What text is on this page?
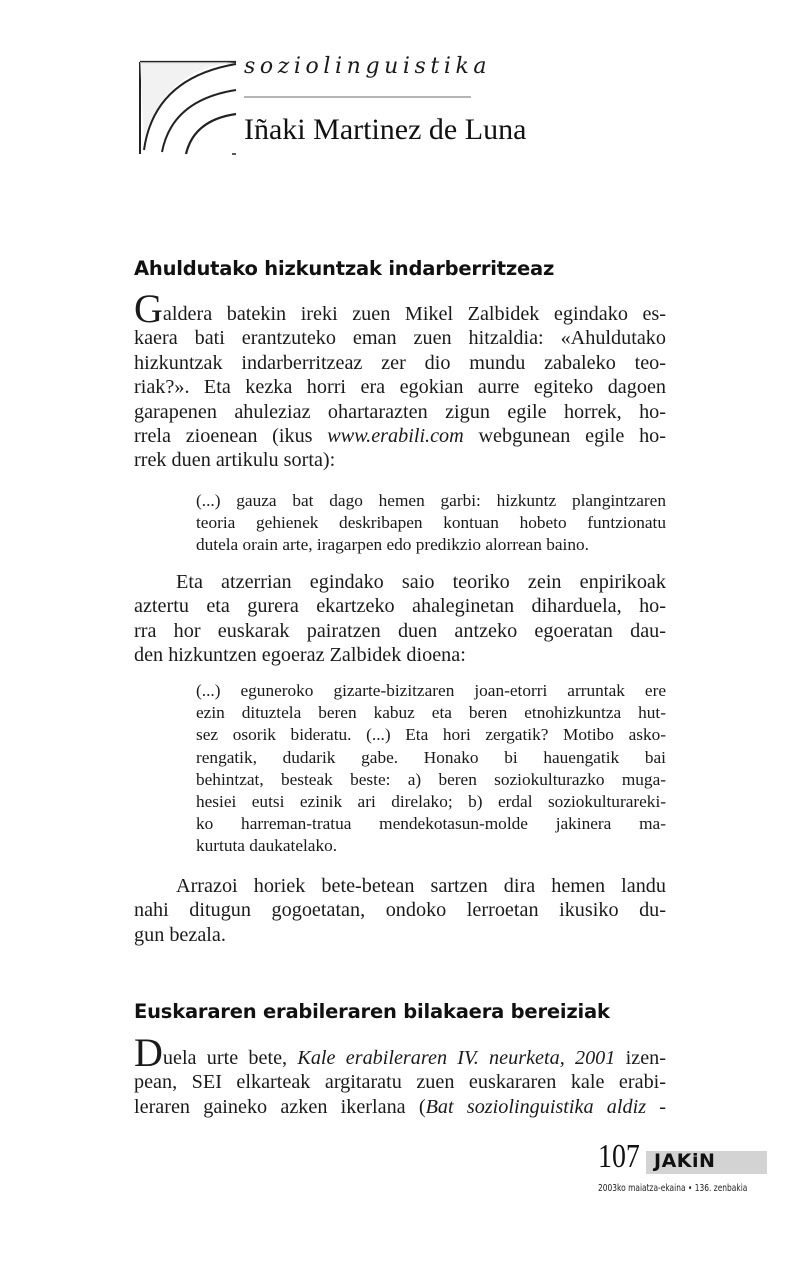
soziolinguistika
Iñaki Martinez de Luna
Ahuldutako hizkuntzak indarberritzeaz
Galdera batekin ireki zuen Mikel Zalbidek egindako es-
kaera bati erantzuteko eman zuen hitzaldia: «Ahuldutako
hizkuntzak indarberritzeaz zer dio mundu zabaleko teo-
riak?». Eta kezka horri era egokian aurre egiteko dagoen
garapenen ahuleziaz ohartarazten zigun egile horrek, ho-
rrela zioenean (ikus www.erabili.com webgunean egile ho-
rrek duen artikulu sorta):
(...) gauza bat dago hemen garbi: hizkuntz plangintzaren
teoria gehienek deskribapen kontuan hobeto funtzionatu
dutela orain arte, iragarpen edo predikzio alorrean baino.
Eta atzerrian egindako saio teoriko zein enpirikoak
aztertu eta gurera ekartzeko ahaleginetan diharduela, ho-
rra hor euskarak pairatzen duen antzeko egoeratan dau-
den hizkuntzen egoeraz Zalbidek dioena:
(...) eguneroko gizarte-bizitzaren joan-etorri arruntak ere
ezin dituztela beren kabuz eta beren etnohizkuntza hut-
sez osorik bideratu. (...) Eta hori zergatik? Motibo asko-
rengatik, dudarik gabe. Honako bi hauengatik bai
behintzat, besteak beste: a) beren soziokulturazko muga-
hesiei eutsi ezinik ari direlako; b) erdal soziokulturareki-
ko harreman-tratua mendekotasun-molde jakinera ma-
kurtuta daukatelako.
Arrazoi horiek bete-betean sartzen dira hemen landu
nahi ditugun gogoetatan, ondoko lerroetan ikusiko du-
gun bezala.
Euskararen erabileraren bilakaera bereiziak
Duela urte bete, Kale erabileraren IV. neurketa, 2001 izen-
pean, SEI elkarteak argitaratu zuen euskararen kale erabi-
leraren gaineko azken ikerlana (Bat soziolinguistika aldiz -
107 JAKiN
2003ko maiatza-ekaina • 136. zenbakia
